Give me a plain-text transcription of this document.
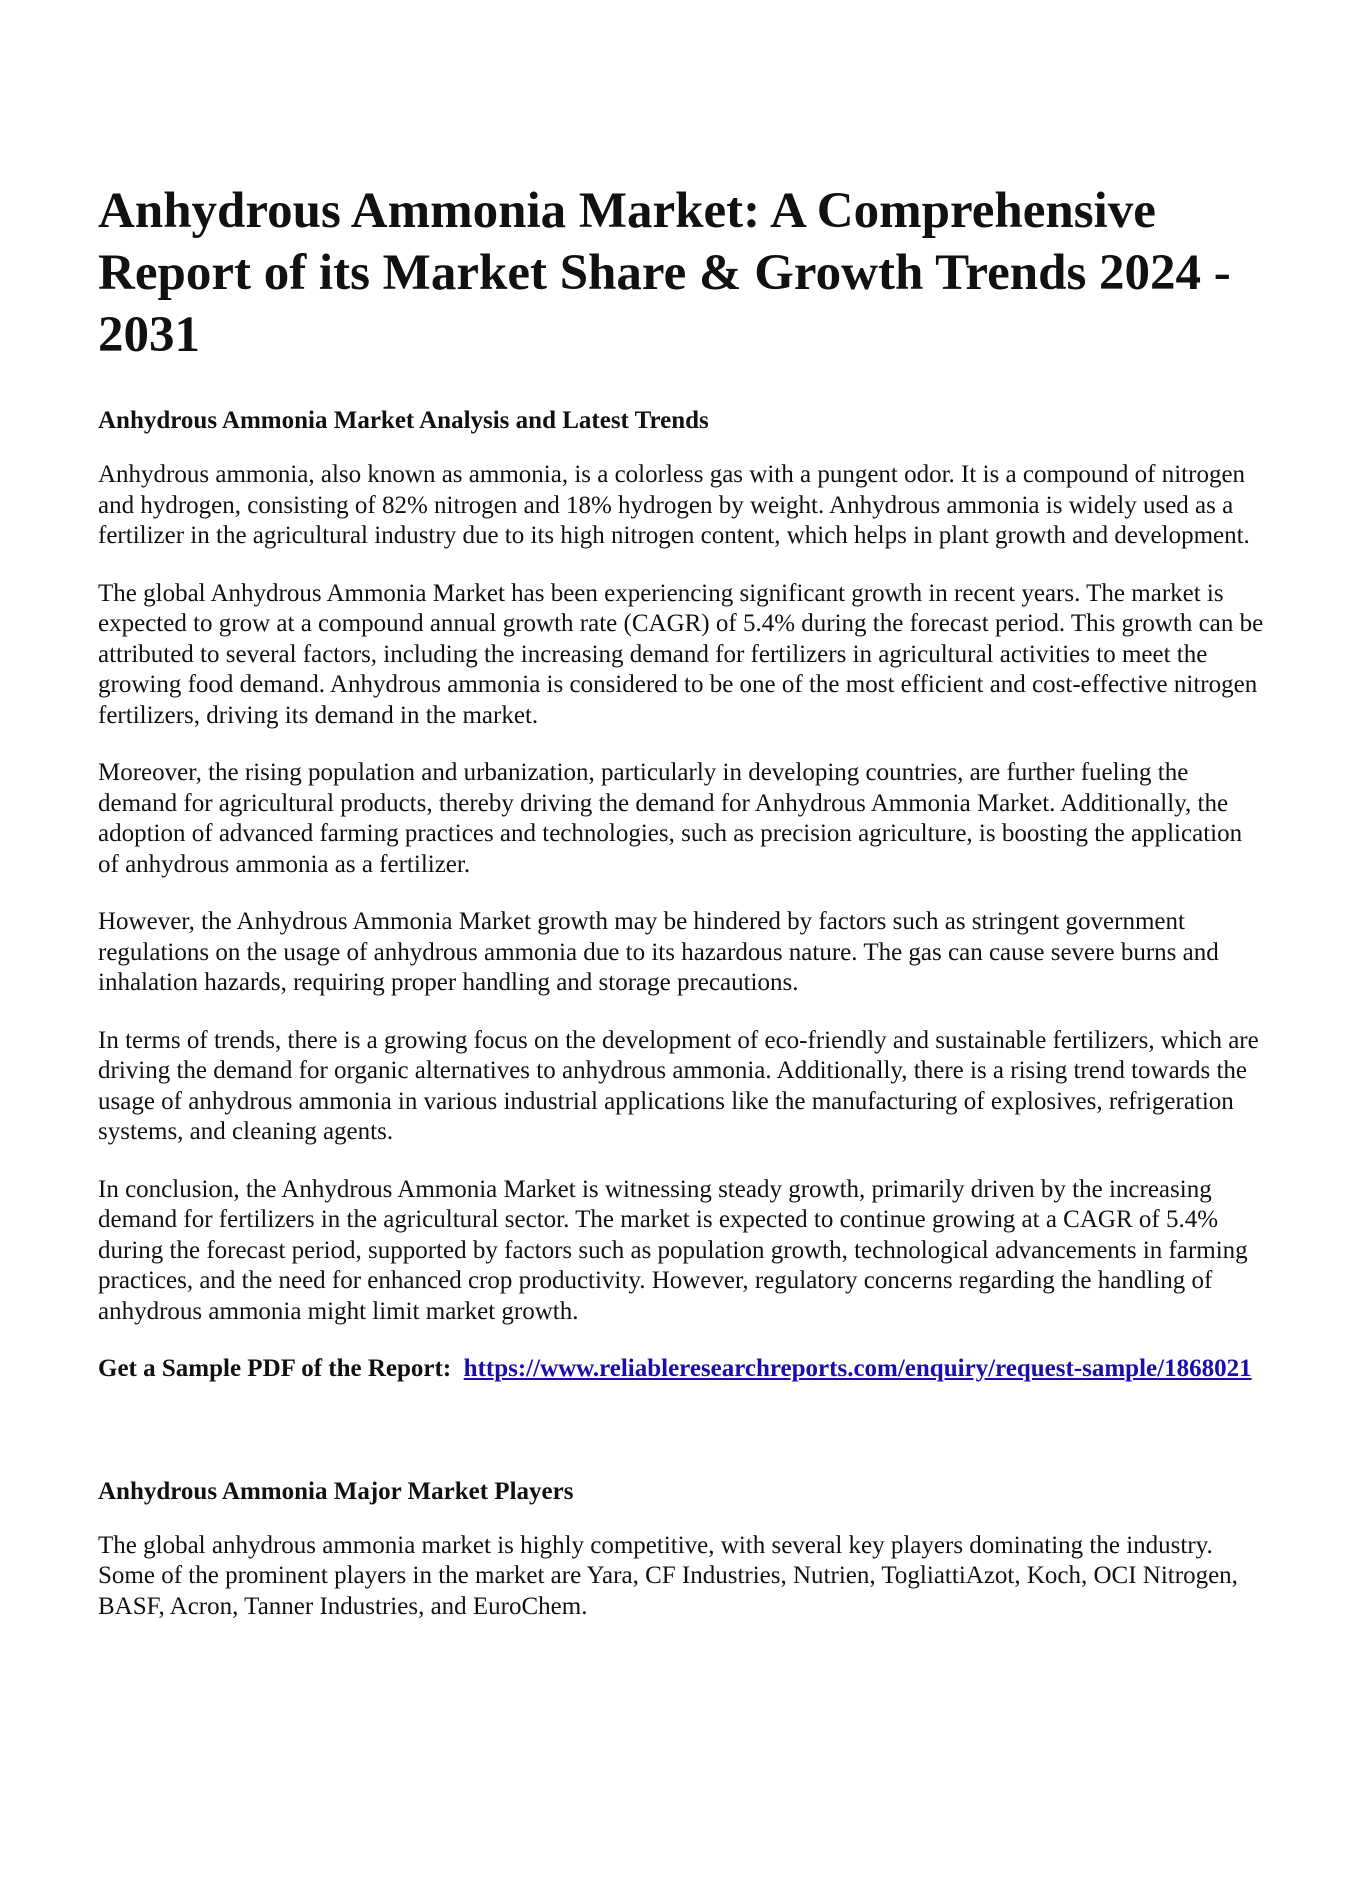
Anhydrous Ammonia Market: A Comprehensive Report of its Market Share & Growth Trends 2024 - 2031
Anhydrous Ammonia Market Analysis and Latest Trends

Anhydrous ammonia, also known as ammonia, is a colorless gas with a pungent odor. It is a compound of nitrogen and hydrogen, consisting of 82% nitrogen and 18% hydrogen by weight. Anhydrous ammonia is widely used as a fertilizer in the agricultural industry due to its high nitrogen content, which helps in plant growth and development.

The global Anhydrous Ammonia Market has been experiencing significant growth in recent years. The market is expected to grow at a compound annual growth rate (CAGR) of 5.4% during the forecast period. This growth can be attributed to several factors, including the increasing demand for fertilizers in agricultural activities to meet the growing food demand. Anhydrous ammonia is considered to be one of the most efficient and cost-effective nitrogen fertilizers, driving its demand in the market.

Moreover, the rising population and urbanization, particularly in developing countries, are further fueling the demand for agricultural products, thereby driving the demand for Anhydrous Ammonia Market. Additionally, the adoption of advanced farming practices and technologies, such as precision agriculture, is boosting the application of anhydrous ammonia as a fertilizer.

However, the Anhydrous Ammonia Market growth may be hindered by factors such as stringent government regulations on the usage of anhydrous ammonia due to its hazardous nature. The gas can cause severe burns and inhalation hazards, requiring proper handling and storage precautions.

In terms of trends, there is a growing focus on the development of eco-friendly and sustainable fertilizers, which are driving the demand for organic alternatives to anhydrous ammonia. Additionally, there is a rising trend towards the usage of anhydrous ammonia in various industrial applications like the manufacturing of explosives, refrigeration systems, and cleaning agents.

In conclusion, the Anhydrous Ammonia Market is witnessing steady growth, primarily driven by the increasing demand for fertilizers in the agricultural sector. The market is expected to continue growing at a CAGR of 5.4% during the forecast period, supported by factors such as population growth, technological advancements in farming practices, and the need for enhanced crop productivity. However, regulatory concerns regarding the handling of anhydrous ammonia might limit market growth.

Get a Sample PDF of the Report: https://www.reliableresearchreports.com/enquiry/request-sample/1868021

Anhydrous Ammonia Major Market Players

The global anhydrous ammonia market is highly competitive, with several key players dominating the industry. Some of the prominent players in the market are Yara, CF Industries, Nutrien, TogliattiAzot, Koch, OCI Nitrogen, BASF, Acron, Tanner Industries, and EuroChem.
